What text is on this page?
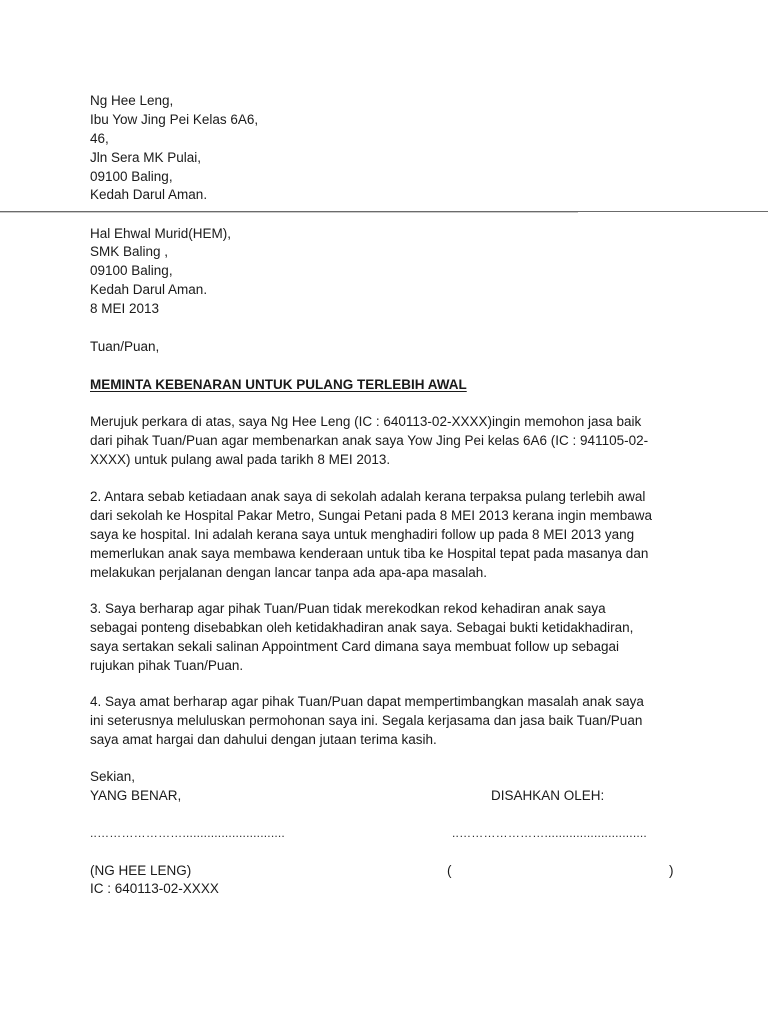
Ng Hee Leng,
Ibu Yow Jing Pei Kelas 6A6,
46,
Jln Sera MK Pulai,
09100 Baling,
Kedah Darul Aman.
Hal Ehwal Murid(HEM),
SMK Baling ,
09100 Baling,
Kedah Darul Aman.
8 MEI 2013
Tuan/Puan,
MEMINTA KEBENARAN UNTUK PULANG TERLEBIH AWAL
Merujuk perkara di atas, saya Ng Hee Leng (IC : 640113-02-XXXX)ingin memohon jasa baik
dari pihak Tuan/Puan agar membenarkan anak saya Yow Jing Pei kelas 6A6 (IC : 941105-02-
XXXX) untuk pulang awal pada tarikh 8 MEI 2013.
2. Antara sebab ketiadaan anak saya di sekolah adalah kerana terpaksa pulang terlebih awal
dari sekolah ke Hospital Pakar Metro, Sungai Petani pada 8 MEI 2013 kerana ingin membawa
saya ke hospital. Ini adalah kerana saya untuk menghadiri follow up pada 8 MEI 2013 yang
memerlukan anak saya membawa kenderaan untuk tiba ke Hospital tepat pada masanya dan
melakukan perjalanan dengan lancar tanpa ada apa-apa masalah.
3. Saya berharap agar pihak Tuan/Puan tidak merekodkan rekod kehadiran anak saya
sebagai ponteng disebabkan oleh ketidakhadiran anak saya. Sebagai bukti ketidakhadiran,
saya sertakan sekali salinan Appointment Card dimana saya membuat follow up sebagai
rujukan pihak Tuan/Puan.
4. Saya amat berharap agar pihak Tuan/Puan dapat mempertimbangkan masalah anak saya
ini seterusnya meluluskan permohonan saya ini. Segala kerjasama dan jasa baik Tuan/Puan
saya amat hargai dan dahului dengan jutaan terima kasih.
Sekian,
YANG BENAR,	DISAHKAN OLEH:
..………………….............................	..………………….............................
(NG HEE LENG)	(	)
IC : 640113-02-XXXX
